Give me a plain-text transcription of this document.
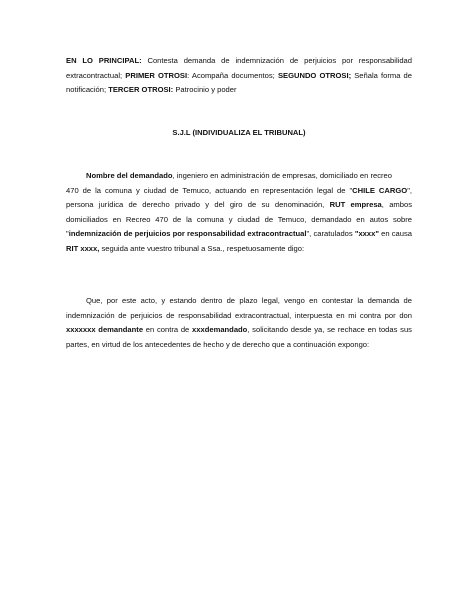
EN LO PRINCIPAL: Contesta demanda de indemnización de perjuicios por responsabilidad
extracontractual; PRIMER OTROSI: Acompaña documentos; SEGUNDO OTROSI; Señala forma de
notificación; TERCER OTROSI: Patrocinio y poder
S.J.L (INDIVIDUALIZA EL TRIBUNAL)
Nombre del demandado, ingeniero en administración de empresas, domiciliado en recreo
470 de la comuna y ciudad de Temuco, actuando en representación legal de "CHILE CARGO",
persona jurídica de derecho privado y del giro de su denominación, RUT empresa, ambos
domiciliados en Recreo 470 de la comuna y ciudad de Temuco, demandado en autos sobre
"indemnización de perjuicios por responsabilidad extracontractual", caratulados "xxxx" en causa
RIT xxxx, seguida ante vuestro tribunal a Ssa., respetuosamente digo:
Que, por este acto, y estando dentro de plazo legal, vengo en contestar la demanda de
indemnización de perjuicios de responsabilidad extracontractual, interpuesta en mi contra por don
xxxxxxx demandante en contra de xxxdemandado, solicitando desde ya, se rechace en todas sus
partes, en virtud de los antecedentes de hecho y de derecho que a continuación expongo:
